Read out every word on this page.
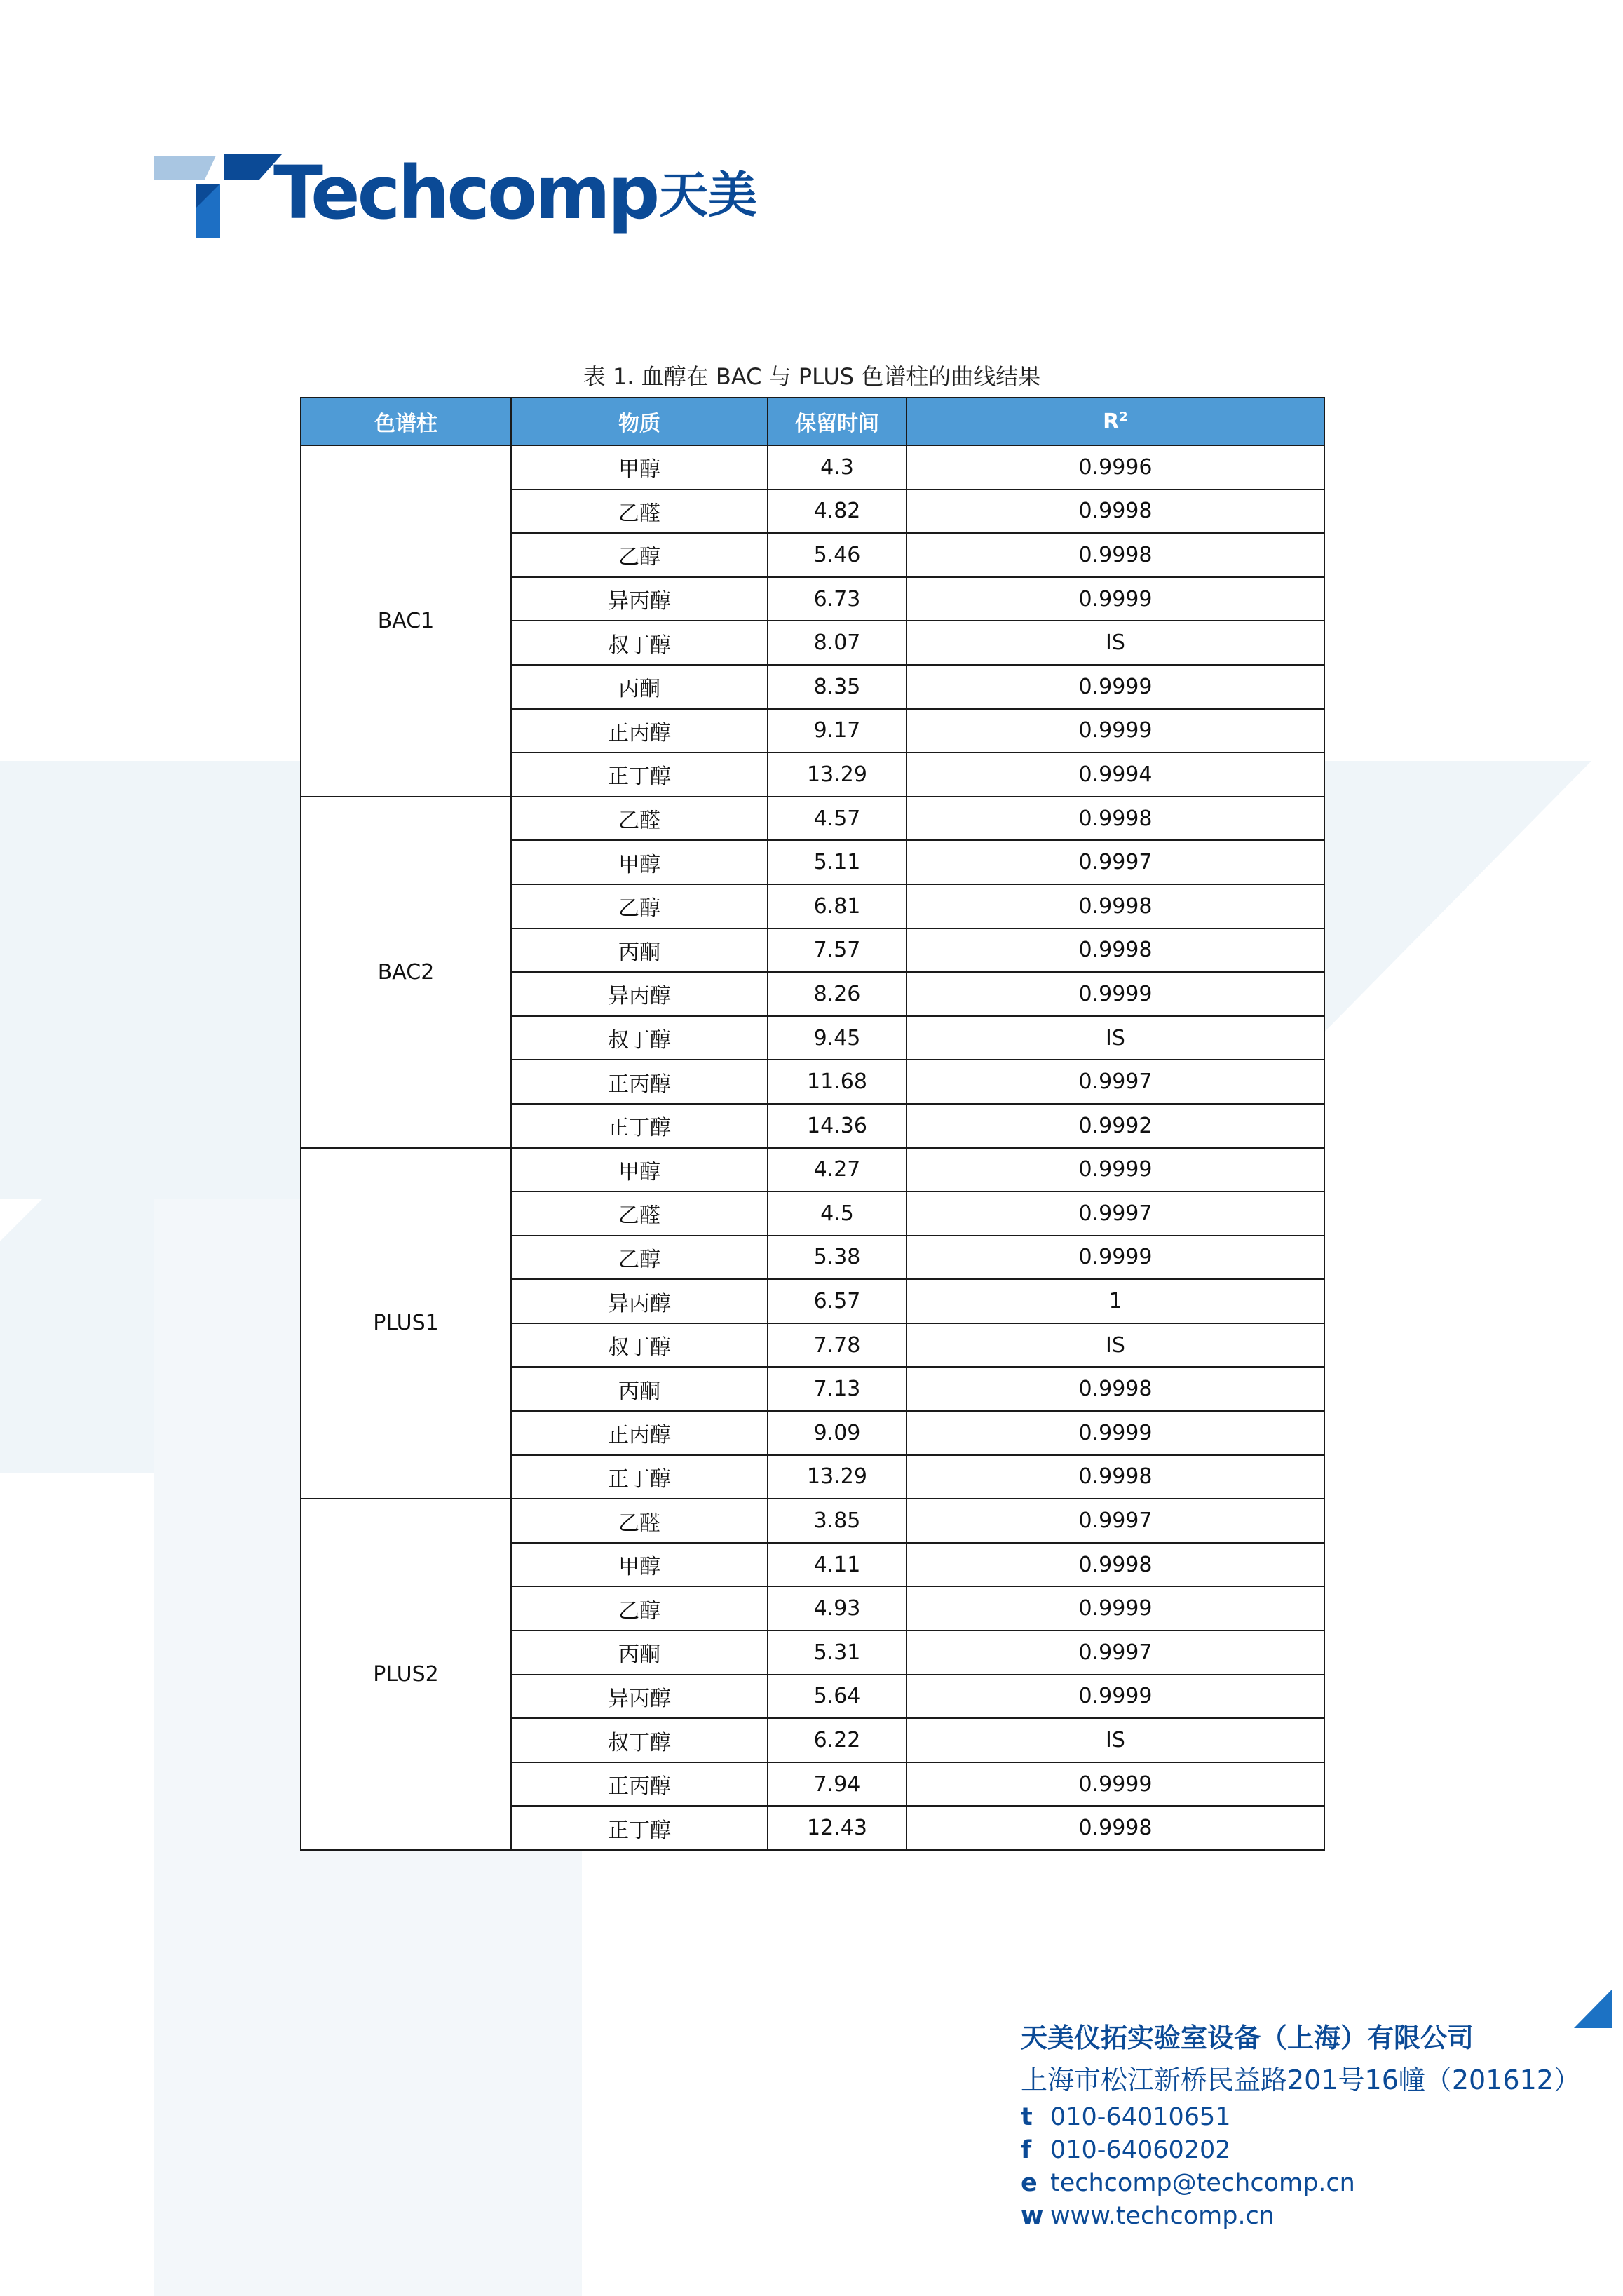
Techcomp 天美
表 1. 血醇在 BAC 与 PLUS 色谱柱的曲线结果
色谱柱	物质	保留时间	$R^2$
BAC1	甲醇	4.3	0.9996
	乙醛	4.82	0.9998
	乙醇	5.46	0.9998
	异丙醇	6.73	0.9999
	叔丁醇	8.07	IS
	丙酮	8.35	0.9999
	正丙醇	9.17	0.9999
	正丁醇	13.29	0.9994
BAC2	乙醛	4.57	0.9998
	甲醇	5.11	0.9997
	乙醇	6.81	0.9998
	丙酮	7.57	0.9998
	异丙醇	8.26	0.9999
	叔丁醇	9.45	IS
	正丙醇	11.68	0.9997
	正丁醇	14.36	0.9992
PLUS1	甲醇	4.27	0.9999
	乙醛	4.5	0.9997
	乙醇	5.38	0.9999
	异丙醇	6.57	1
	叔丁醇	7.78	IS
	丙酮	7.13	0.9998
	正丙醇	9.09	0.9999
	正丁醇	13.29	0.9998
PLUS2	乙醛	3.85	0.9997
	甲醇	4.11	0.9998
	乙醇	4.93	0.9999
	丙酮	5.31	0.9997
	异丙醇	5.64	0.9999
	叔丁醇	6.22	IS
	正丙醇	7.94	0.9999
	正丁醇	12.43	0.9998
天美仪拓实验室设备（上海）有限公司
上海市松江新桥民益路201号16幢（201612）
t 010-64010651
f 010-64060202
e techcomp@techcomp.cn
w www.techcomp.cn
